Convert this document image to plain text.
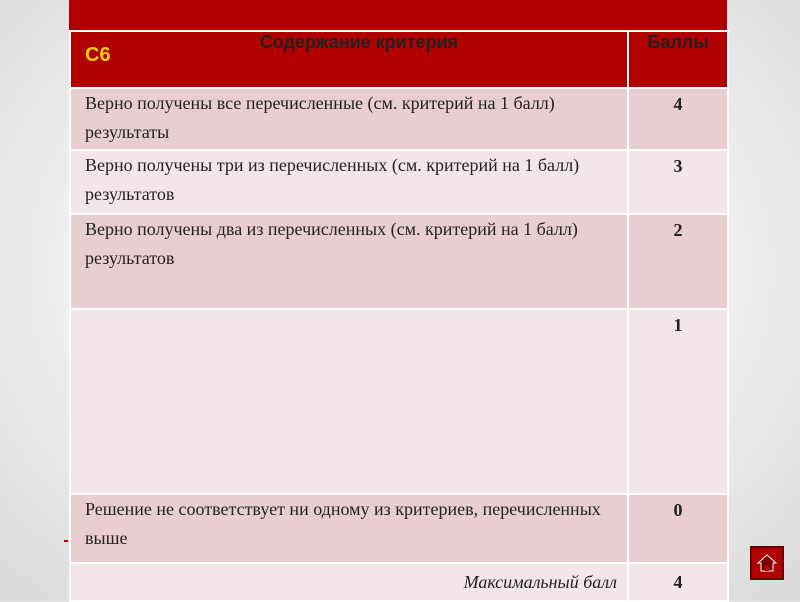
C6
Содержание критерия	Баллы
Верно получены все перечисленные (см. критерий на 1 балл) результаты	4
Верно получены три из перечисленных (см. критерий на 1 балл) результатов	3
Верно получены два из перечисленных (см. критерий на 1 балл) результатов	2
	1
Решение не соответствует ни одному из критериев, перечисленных выше	0
Максимальный балл	4
